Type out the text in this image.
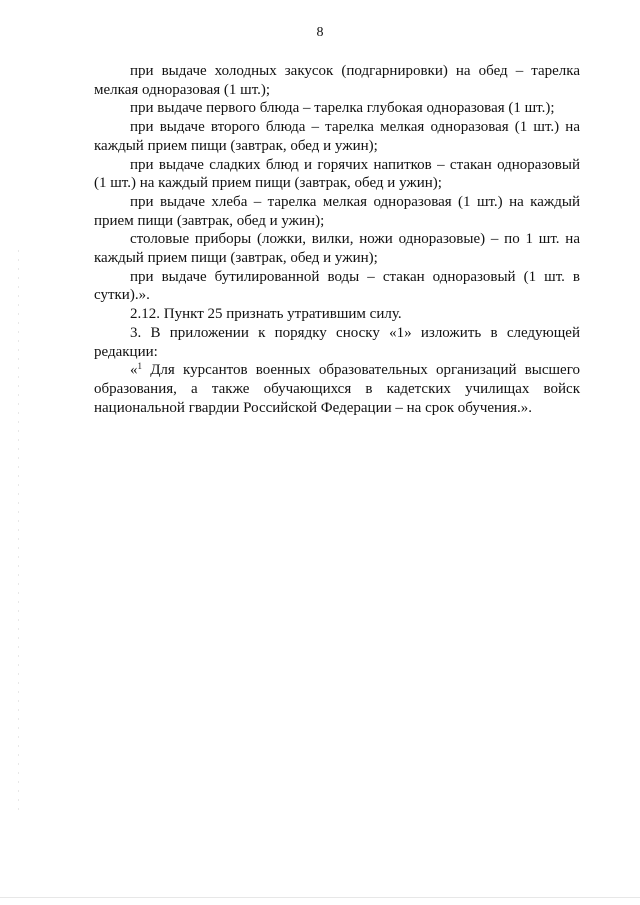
8

при выдаче холодных закусок (подгарнировки) на обед – тарелка мелкая одноразовая (1 шт.);

при выдаче первого блюда – тарелка глубокая одноразовая (1 шт.);

при выдаче второго блюда – тарелка мелкая одноразовая (1 шт.) на каждый прием пищи (завтрак, обед и ужин);

при выдаче сладких блюд и горячих напитков – стакан одноразовый (1 шт.) на каждый прием пищи (завтрак, обед и ужин);

при выдаче хлеба – тарелка мелкая одноразовая (1 шт.) на каждый прием пищи (завтрак, обед и ужин);

столовые приборы (ложки, вилки, ножи одноразовые) – по 1 шт. на каждый прием пищи (завтрак, обед и ужин);

при выдаче бутилированной воды – стакан одноразовый (1 шт. в сутки).».

2.12. Пункт 25 признать утратившим силу.

3. В приложении к порядку сноску «1» изложить в следующей редакции:

«$^1$ Для курсантов военных образовательных организаций высшего образования, а также обучающихся в кадетских училищах войск национальной гвардии Российской Федерации – на срок обучения.».
